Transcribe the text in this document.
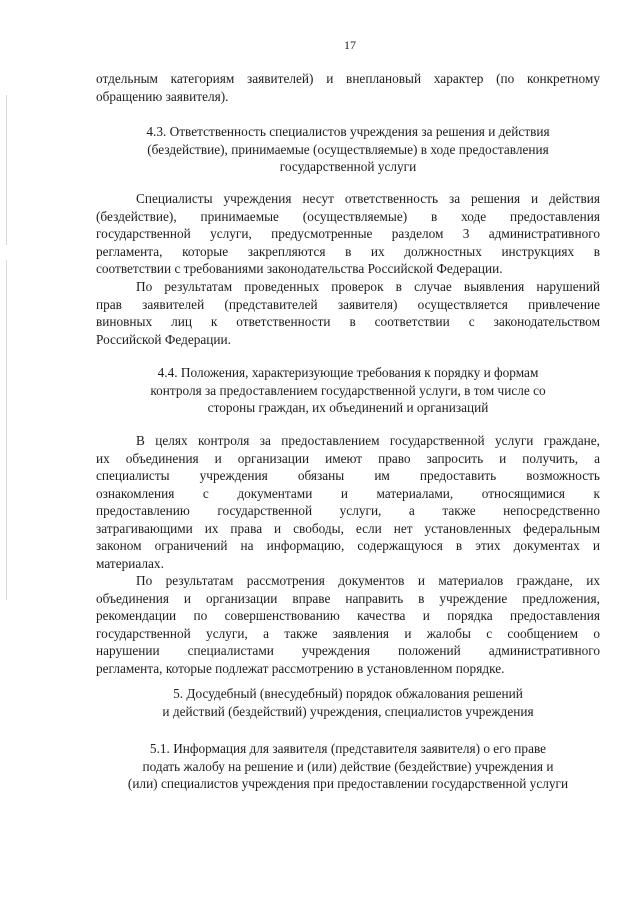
17
отдельным категориям заявителей) и внеплановый характер (по конкретному
обращению заявителя).
4.3. Ответственность специалистов учреждения за решения и действия
(бездействие), принимаемые (осуществляемые) в ходе предоставления
государственной услуги
Специалисты учреждения несут ответственность за решения и действия
(бездействие), принимаемые (осуществляемые) в ходе предоставления
государственной услуги, предусмотренные разделом 3 административного
регламента, которые закрепляются в их должностных инструкциях в
соответствии с требованиями законодательства Российской Федерации.
По результатам проведенных проверок в случае выявления нарушений
прав заявителей (представителей заявителя) осуществляется привлечение
виновных лиц к ответственности в соответствии с законодательством
Российской Федерации.
4.4. Положения, характеризующие требования к порядку и формам
контроля за предоставлением государственной услуги, в том числе со
стороны граждан, их объединений и организаций
В целях контроля за предоставлением государственной услуги граждане,
их объединения и организации имеют право запросить и получить, а
специалисты учреждения обязаны им предоставить возможность
ознакомления с документами и материалами, относящимися к
предоставлению государственной услуги, а также непосредственно
затрагивающими их права и свободы, если нет установленных федеральным
законом ограничений на информацию, содержащуюся в этих документах и
материалах.
По результатам рассмотрения документов и материалов граждане, их
объединения и организации вправе направить в учреждение предложения,
рекомендации по совершенствованию качества и порядка предоставления
государственной услуги, а также заявления и жалобы с сообщением о
нарушении специалистами учреждения положений административного
регламента, которые подлежат рассмотрению в установленном порядке.
5. Досудебный (внесудебный) порядок обжалования решений
и действий (бездействий) учреждения, специалистов учреждения
5.1. Информация для заявителя (представителя заявителя) о его праве
подать жалобу на решение и (или) действие (бездействие) учреждения и
(или) специалистов учреждения при предоставлении государственной услуги
